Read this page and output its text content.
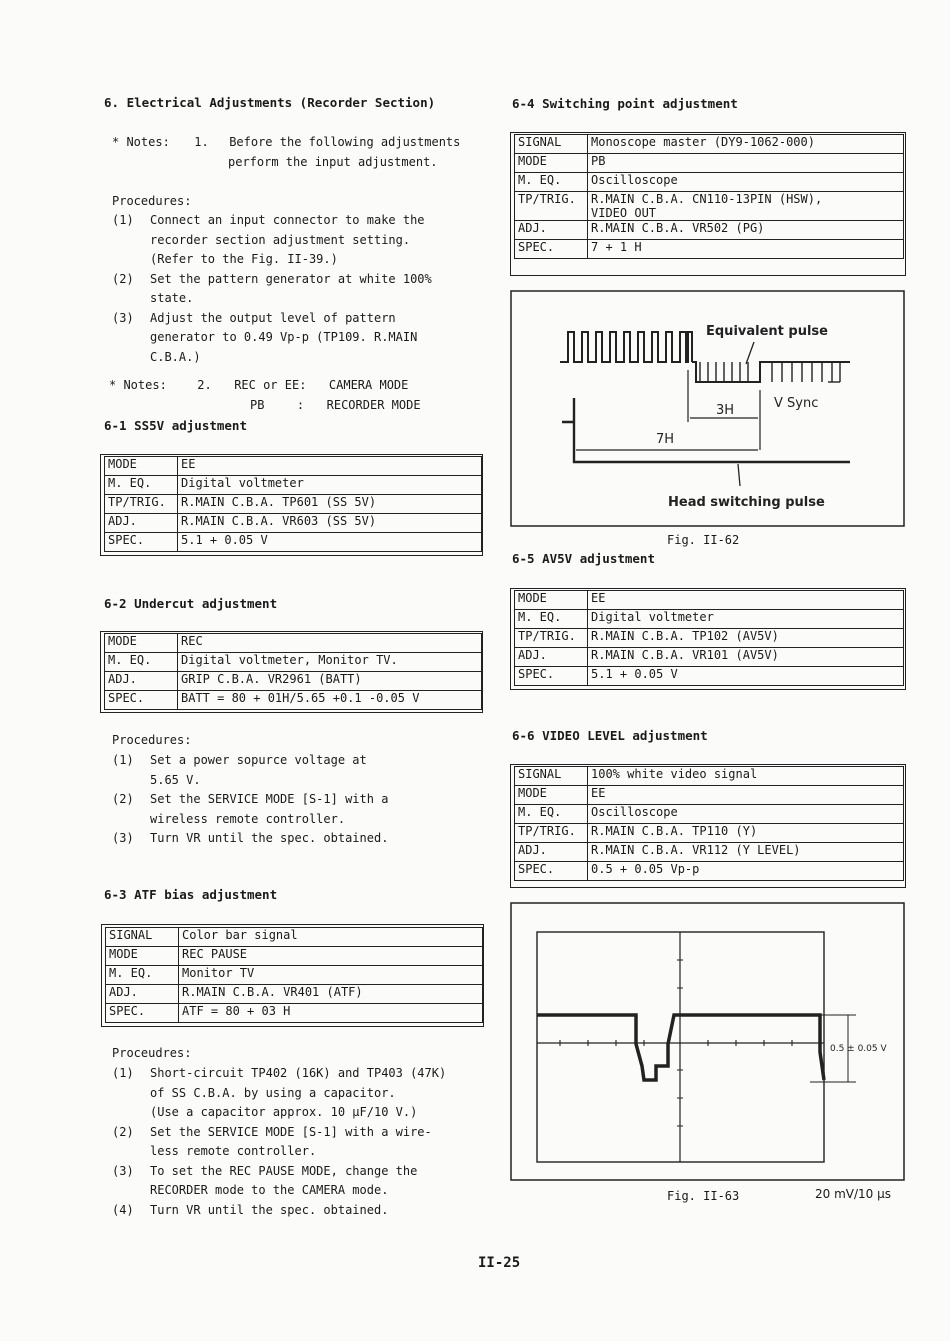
6. Electrical Adjustments (Recorder Section)
* Notes: 1. Before the following adjustments
perform the input adjustment.
Procedures:
(1) Connect an input connector to make the
recorder section adjustment setting.
(Refer to the Fig. II-39.)
(2) Set the pattern generator at white 100%
state.
(3) Adjust the output level of pattern
generator to 0.49 Vp-p (TP109. R.MAIN
C.B.A.)
* Notes:	2. REC or EE: CAMERA MODE
PB	: RECORDER MODE
6-1 SS5V adjustment
MODE	EE

M. EQ.	Digital voltmeter

TP/TRIG.	R.MAIN C.B.A. TP601 (SS 5V)

ADJ.	R.MAIN C.B.A. VR603 (SS 5V)

SPEC.	5.1 + 0.05 V
6-2 Undercut adjustment
MODE	REC

M. EQ.	Digital voltmeter, Monitor TV.

ADJ.	GRIP C.B.A. VR2961 (BATT)

SPEC.	BATT = 80 + 01H/5.65 +0.1 -0.05 V
Procedures:
(1) Set a power sopurce voltage at
5.65 V.
(2) Set the SERVICE MODE [S-1] with a
wireless remote controller.
(3) Turn VR until the spec. obtained.
6-3 ATF bias adjustment
SIGNAL	Color bar signal

MODE	REC PAUSE

M. EQ.	Monitor TV

ADJ.	R.MAIN C.B.A. VR401 (ATF)

SPEC.	ATF = 80 + 03 H
Proceudres:
(1) Short-circuit TP402 (16K) and TP403 (47K)
of SS C.B.A. by using a capacitor.
(Use a capacitor approx. 10 µF/10 V.)
(2) Set the SERVICE MODE [S-1] with a wire-
less remote controller.
(3) To set the REC PAUSE MODE, change the
RECORDER mode to the CAMERA mode.
(4) Turn VR until the spec. obtained.
6-4 Switching point adjustment
SIGNAL	Monoscope master (DY9-1062-000)

MODE	PB

M. EQ.	Oscilloscope

TP/TRIG.	R.MAIN C.B.A. CN110-13PIN (HSW),
VIDEO OUT

ADJ.	R.MAIN C.B.A. VR502 (PG)

SPEC.	7 + 1 H
Equivalent pulse
3H	V Sync
7H
Head switching pulse
Fig. II-62
6-5 AV5V adjustment
MODE	EE

M. EQ.	Digital voltmeter

TP/TRIG.	R.MAIN C.B.A. TP102 (AV5V)

ADJ.	R.MAIN C.B.A. VR101 (AV5V)

SPEC.	5.1 + 0.05 V
6-6 VIDEO LEVEL adjustment
SIGNAL	100% white video signal

MODE	EE

M. EQ.	Oscilloscope

TP/TRIG.	R.MAIN C.B.A. TP110 (Y)

ADJ.	R.MAIN C.B.A. VR112 (Y LEVEL)

SPEC.	0.5 + 0.05 Vp-p
0.5 ± 0.05 V
Fig. II-63	20 mV/10 µs
II-25
